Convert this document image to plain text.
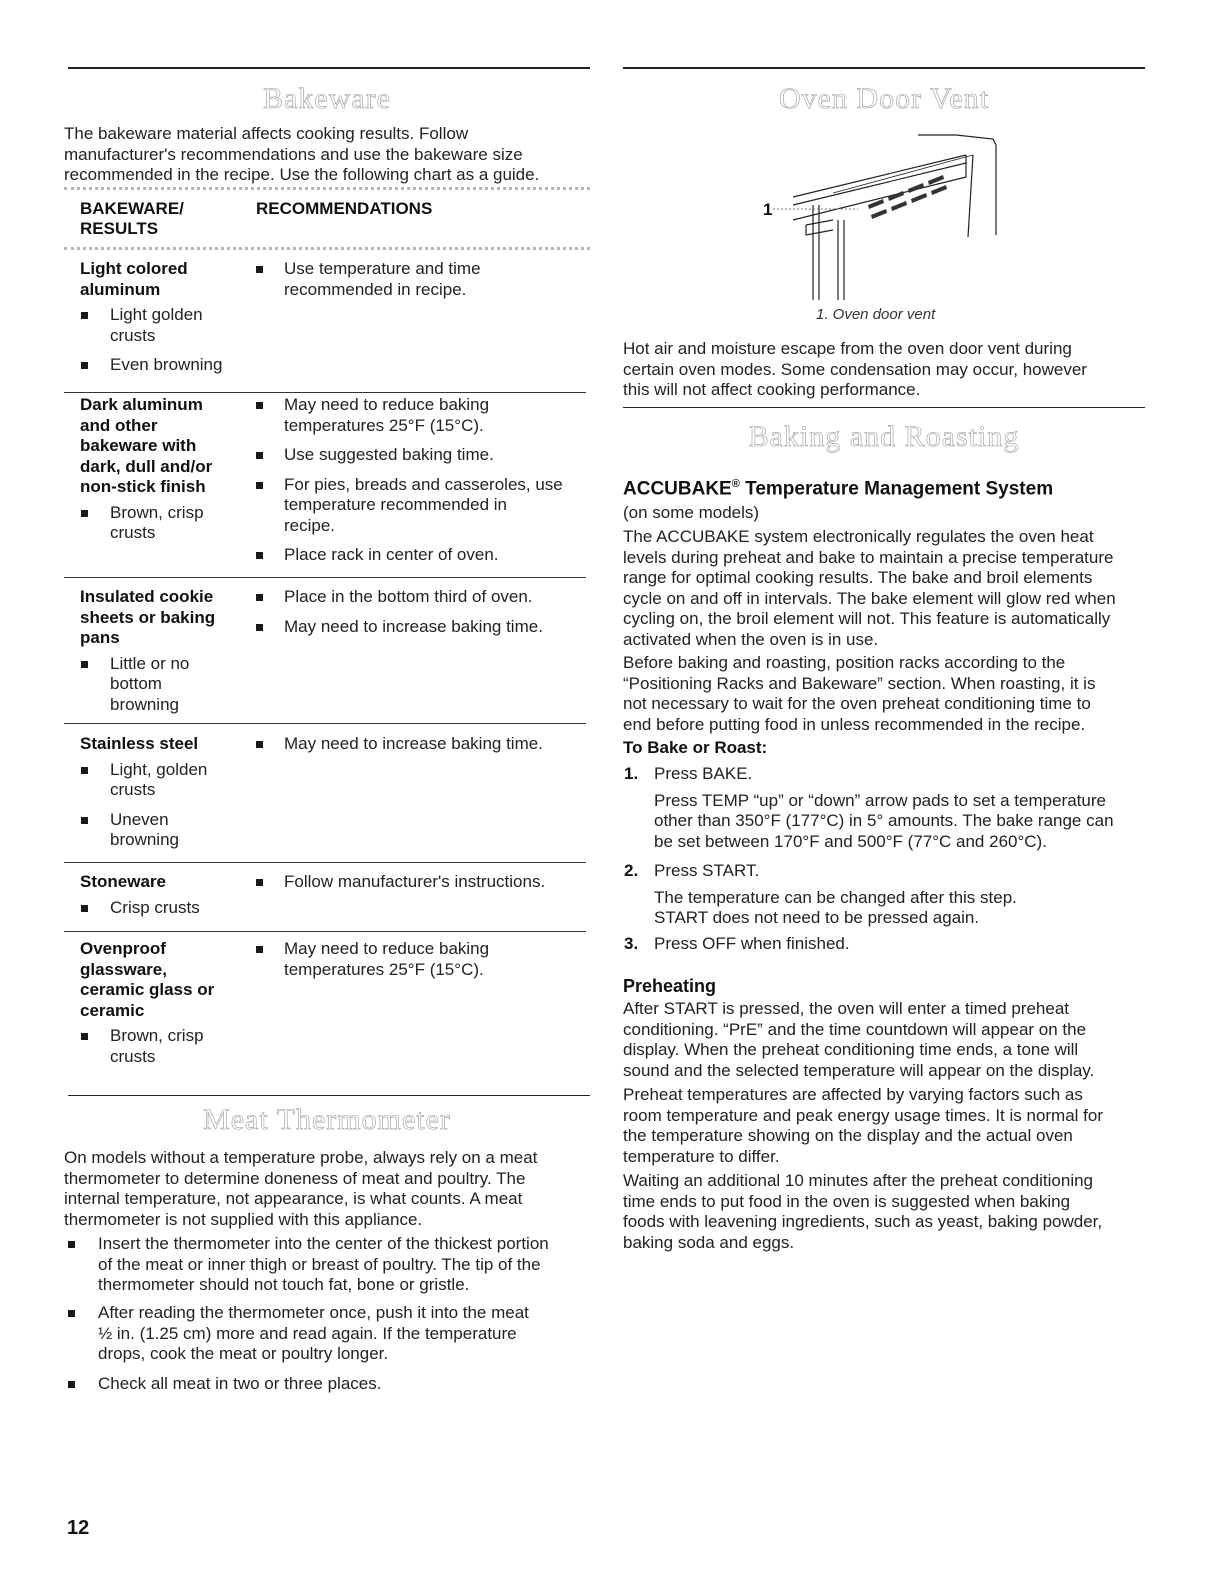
Bakeware
The bakeware material affects cooking results. Follow
manufacturer's recommendations and use the bakeware size
recommended in the recipe. Use the following chart as a guide.
BAKEWARE/
RESULTS
RECOMMENDATIONS
Light colored
aluminum
Light golden
crusts
Even browning
Use temperature and time
recommended in recipe.
Dark aluminum
and other
bakeware with
dark, dull and/or
non-stick finish
Brown, crisp
crusts
May need to reduce baking
temperatures 25°F (15°C).
Use suggested baking time.
For pies, breads and casseroles, use
temperature recommended in
recipe.
Place rack in center of oven.
Insulated cookie
sheets or baking
pans
Little or no
bottom
browning
Place in the bottom third of oven.
May need to increase baking time.
Stainless steel
Light, golden
crusts
Uneven
browning
May need to increase baking time.
Stoneware
Crisp crusts
Follow manufacturer's instructions.
Ovenproof
glassware,
ceramic glass or
ceramic
Brown, crisp
crusts
May need to reduce baking
temperatures 25°F (15°C).
Meat Thermometer
On models without a temperature probe, always rely on a meat
thermometer to determine doneness of meat and poultry. The
internal temperature, not appearance, is what counts. A meat
thermometer is not supplied with this appliance.
Insert the thermometer into the center of the thickest portion
of the meat or inner thigh or breast of poultry. The tip of the
thermometer should not touch fat, bone or gristle.
After reading the thermometer once, push it into the meat
½ in. (1.25 cm) more and read again. If the temperature
drops, cook the meat or poultry longer.
Check all meat in two or three places.
12
Oven Door Vent
1
1. Oven door vent
Hot air and moisture escape from the oven door vent during
certain oven modes. Some condensation may occur, however
this will not affect cooking performance.
Baking and Roasting
ACCUBAKE® Temperature Management System
(on some models)
The ACCUBAKE system electronically regulates the oven heat
levels during preheat and bake to maintain a precise temperature
range for optimal cooking results. The bake and broil elements
cycle on and off in intervals. The bake element will glow red when
cycling on, the broil element will not. This feature is automatically
activated when the oven is in use.
Before baking and roasting, position racks according to the
“Positioning Racks and Bakeware” section. When roasting, it is
not necessary to wait for the oven preheat conditioning time to
end before putting food in unless recommended in the recipe.
To Bake or Roast:
1. Press BAKE.
Press TEMP “up” or “down” arrow pads to set a temperature
other than 350°F (177°C) in 5° amounts. The bake range can
be set between 170°F and 500°F (77°C and 260°C).
2. Press START.
The temperature can be changed after this step.
START does not need to be pressed again.
3. Press OFF when finished.
Preheating
After START is pressed, the oven will enter a timed preheat
conditioning. “PrE” and the time countdown will appear on the
display. When the preheat conditioning time ends, a tone will
sound and the selected temperature will appear on the display.
Preheat temperatures are affected by varying factors such as
room temperature and peak energy usage times. It is normal for
the temperature showing on the display and the actual oven
temperature to differ.
Waiting an additional 10 minutes after the preheat conditioning
time ends to put food in the oven is suggested when baking
foods with leavening ingredients, such as yeast, baking powder,
baking soda and eggs.
